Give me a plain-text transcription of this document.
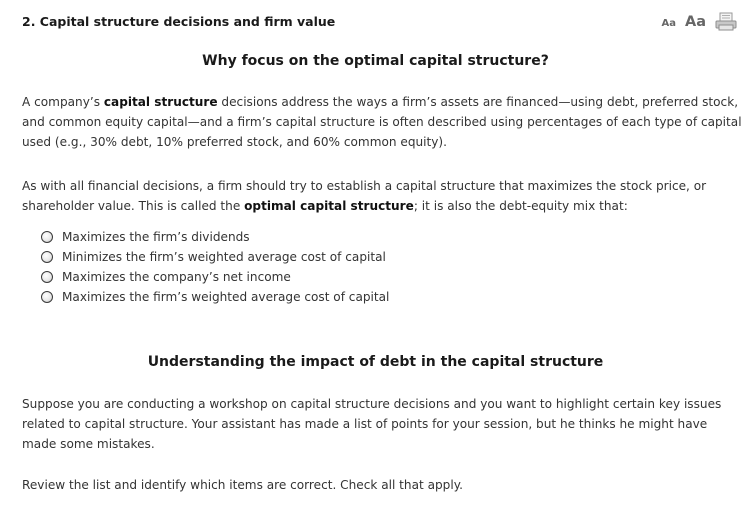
2. Capital structure decisions and firm value	Aa Aa
Why focus on the optimal capital structure?
A company’s capital structure decisions address the ways a firm’s assets are financed—using debt, preferred stock, and common equity capital—and a firm’s capital structure is often described using percentages of each type of capital used (e.g., 30% debt, 10% preferred stock, and 60% common equity).
As with all financial decisions, a firm should try to establish a capital structure that maximizes the stock price, or shareholder value. This is called the optimal capital structure; it is also the debt-equity mix that:
Maximizes the firm’s dividends
Minimizes the firm’s weighted average cost of capital
Maximizes the company’s net income
Maximizes the firm’s weighted average cost of capital
Understanding the impact of debt in the capital structure
Suppose you are conducting a workshop on capital structure decisions and you want to highlight certain key issues related to capital structure. Your assistant has made a list of points for your session, but he thinks he might have made some mistakes.
Review the list and identify which items are correct. Check all that apply.
